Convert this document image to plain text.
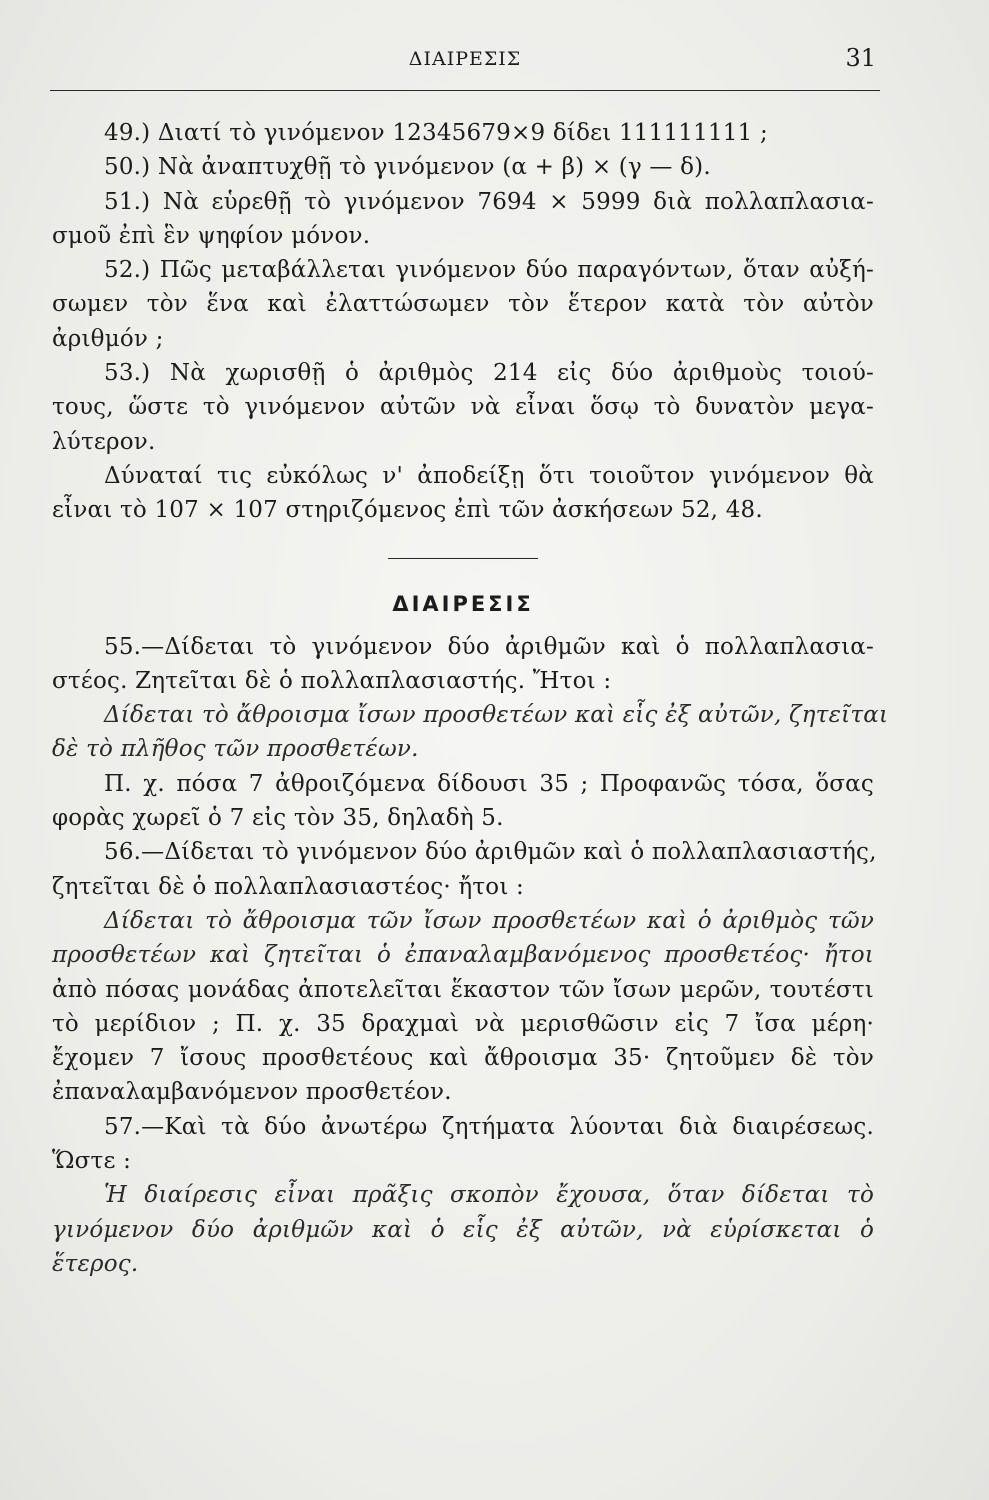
ΔΙΑΙΡΕΣΙΣ	31
49.) Διατί τὸ γινόμενον 12345679×9 δίδει 111111111 ;
50.) Νὰ ἀναπτυχθῇ τὸ γινόμενον (α + β) × (γ — δ).
51.) Νὰ εὑρεθῇ τὸ γινόμενον 7694 × 5999 διὰ πολλαπλασια-
σμοῦ ἐπὶ ἓν ψηφίον μόνον.
52.) Πῶς μεταβάλλεται γινόμενον δύο παραγόντων, ὅταν αὐξή-
σωμεν τὸν ἕνα καὶ ἐλαττώσωμεν τὸν ἕτερον κατὰ τὸν αὐτὸν
ἀριθμόν ;
53.) Νὰ χωρισθῇ ὁ ἀριθμὸς 214 εἰς δύο ἀριθμοὺς τοιού-
τους, ὥστε τὸ γινόμενον αὐτῶν νὰ εἶναι ὅσῳ τὸ δυνατὸν μεγα-
λύτερον.
Δύναταί τις εὐκόλως ν' ἀποδείξῃ ὅτι τοιοῦτον γινόμενον θὰ
εἶναι τὸ 107 × 107 στηριζόμενος ἐπὶ τῶν ἀσκήσεων 52, 48.
ΔΙΑΙΡΕΣΙΣ
55.—Δίδεται τὸ γινόμενον δύο ἀριθμῶν καὶ ὁ πολλαπλασια-
στέος. Ζητεῖται δὲ ὁ πολλαπλασιαστής. Ἤτοι :
Δίδεται τὸ ἄθροισμα ἴσων προσθετέων καὶ εἷς ἐξ αὐτῶν, ζητεῖται
δὲ τὸ πλῆθος τῶν προσθετέων.
Π. χ. πόσα 7 ἀθροιζόμενα δίδουσι 35 ; Προφανῶς τόσα, ὅσας
φορὰς χωρεῖ ὁ 7 εἰς τὸν 35, δηλαδὴ 5.
56.—Δίδεται τὸ γινόμενον δύο ἀριθμῶν καὶ ὁ πολλαπλασιαστής,
ζητεῖται δὲ ὁ πολλαπλασιαστέος· ἤτοι :
Δίδεται τὸ ἄθροισμα τῶν ἴσων προσθετέων καὶ ὁ ἀριθμὸς τῶν
προσθετέων καὶ ζητεῖται ὁ ἐπαναλαμβανόμενος προσθετέος· ἤτοι
ἀπὸ πόσας μονάδας ἀποτελεῖται ἕκαστον τῶν ἴσων μερῶν, τουτέστι
τὸ μερίδιον ; Π. χ. 35 δραχμαὶ νὰ μερισθῶσιν εἰς 7 ἴσα μέρη·
ἔχομεν 7 ἴσους προσθετέους καὶ ἄθροισμα 35· ζητοῦμεν δὲ τὸν
ἐπαναλαμβανόμενον προσθετέον.
57.—Καὶ τὰ δύο ἀνωτέρω ζητήματα λύονται διὰ διαιρέσεως.
Ὥστε :
Ἡ διαίρεσις εἶναι πρᾶξις σκοπὸν ἔχουσα, ὅταν δίδεται τὸ
γινόμενον δύο ἀριθμῶν καὶ ὁ εἷς ἐξ αὐτῶν, νὰ εὑρίσκεται ὁ
ἕτερος.
